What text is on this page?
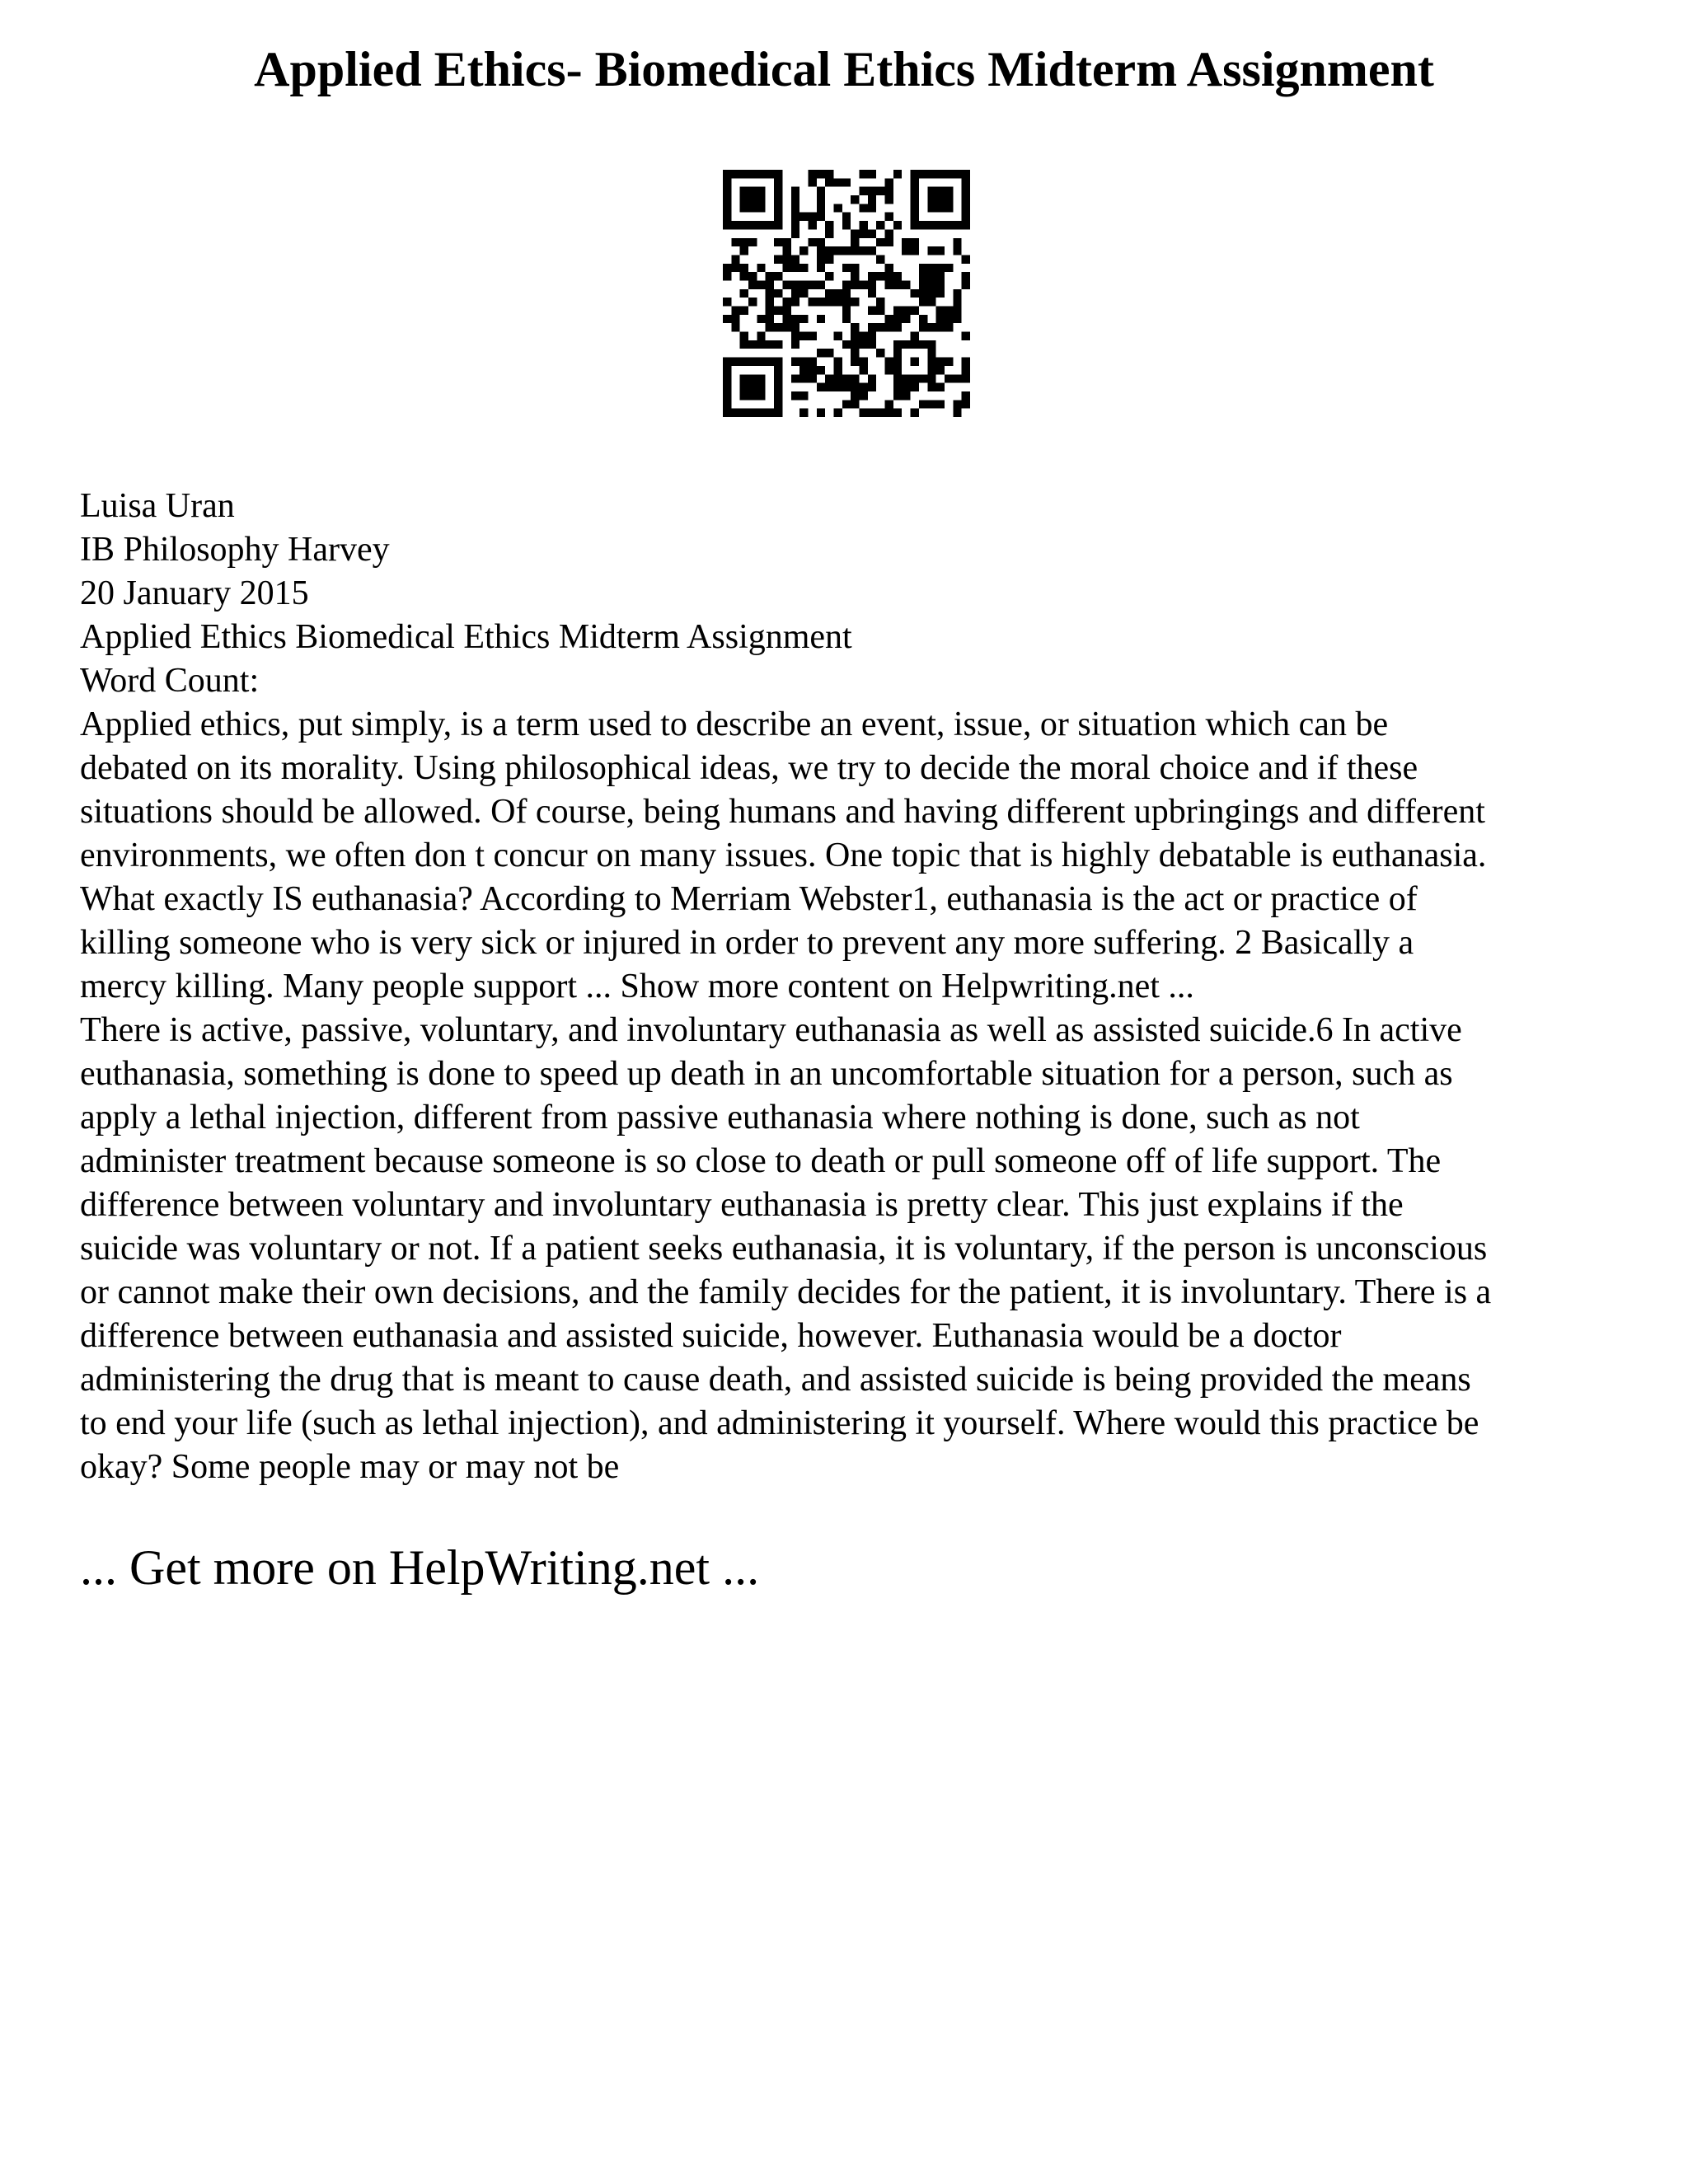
Applied Ethics- Biomedical Ethics Midterm Assignment
Luisa Uran
IB Philosophy Harvey
20 January 2015
Applied Ethics Biomedical Ethics Midterm Assignment
Word Count:
Applied ethics, put simply, is a term used to describe an event, issue, or situation which can be
debated on its morality. Using philosophical ideas, we try to decide the moral choice and if these
situations should be allowed. Of course, being humans and having different upbringings and different
environments, we often don t concur on many issues. One topic that is highly debatable is euthanasia.
What exactly IS euthanasia? According to Merriam Webster1, euthanasia is the act or practice of
killing someone who is very sick or injured in order to prevent any more suffering. 2 Basically a
mercy killing. Many people support ... Show more content on Helpwriting.net ...
There is active, passive, voluntary, and involuntary euthanasia as well as assisted suicide.6 In active
euthanasia, something is done to speed up death in an uncomfortable situation for a person, such as
apply a lethal injection, different from passive euthanasia where nothing is done, such as not
administer treatment because someone is so close to death or pull someone off of life support. The
difference between voluntary and involuntary euthanasia is pretty clear. This just explains if the
suicide was voluntary or not. If a patient seeks euthanasia, it is voluntary, if the person is unconscious
or cannot make their own decisions, and the family decides for the patient, it is involuntary. There is a
difference between euthanasia and assisted suicide, however. Euthanasia would be a doctor
administering the drug that is meant to cause death, and assisted suicide is being provided the means
to end your life (such as lethal injection), and administering it yourself. Where would this practice be
okay? Some people may or may not be
... Get more on HelpWriting.net ...
